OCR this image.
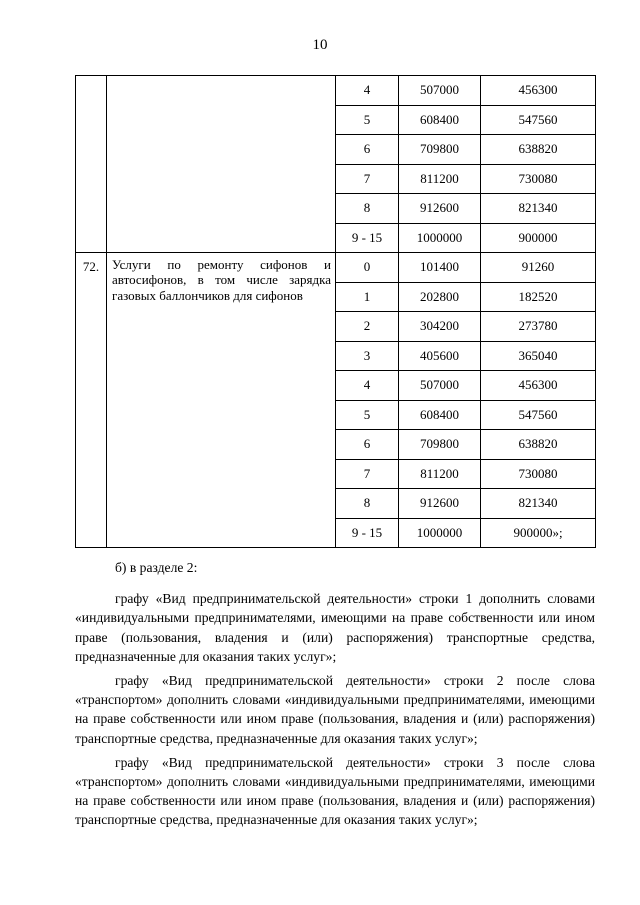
10
		4	507000	456300
		5	608400	547560
		6	709800	638820
		7	811200	730080
		8	912600	821340
		9 - 15	1000000	900000
72.	Услуги по ремонту сифонов и автосифонов, в том числе зарядка газовых баллончиков для сифонов	0	101400	91260
		1	202800	182520
		2	304200	273780
		3	405600	365040
		4	507000	456300
		5	608400	547560
		6	709800	638820
		7	811200	730080
		8	912600	821340
		9 - 15	1000000	900000»;

б) в разделе 2:

графу «Вид предпринимательской деятельности» строки 1 дополнить словами «индивидуальными предпринимателями, имеющими на праве собственности или ином праве (пользования, владения и (или) распоряжения) транспортные средства, предназначенные для оказания таких услуг»;

графу «Вид предпринимательской деятельности» строки 2 после слова «транспортом» дополнить словами «индивидуальными предпринимателями, имеющими на праве собственности или ином праве (пользования, владения и (или) распоряжения) транспортные средства, предназначенные для оказания таких услуг»;

графу «Вид предпринимательской деятельности» строки 3 после слова «транспортом» дополнить словами «индивидуальными предпринимателями, имеющими на праве собственности или ином праве (пользования, владения и (или) распоряжения) транспортные средства, предназначенные для оказания таких услуг»;
